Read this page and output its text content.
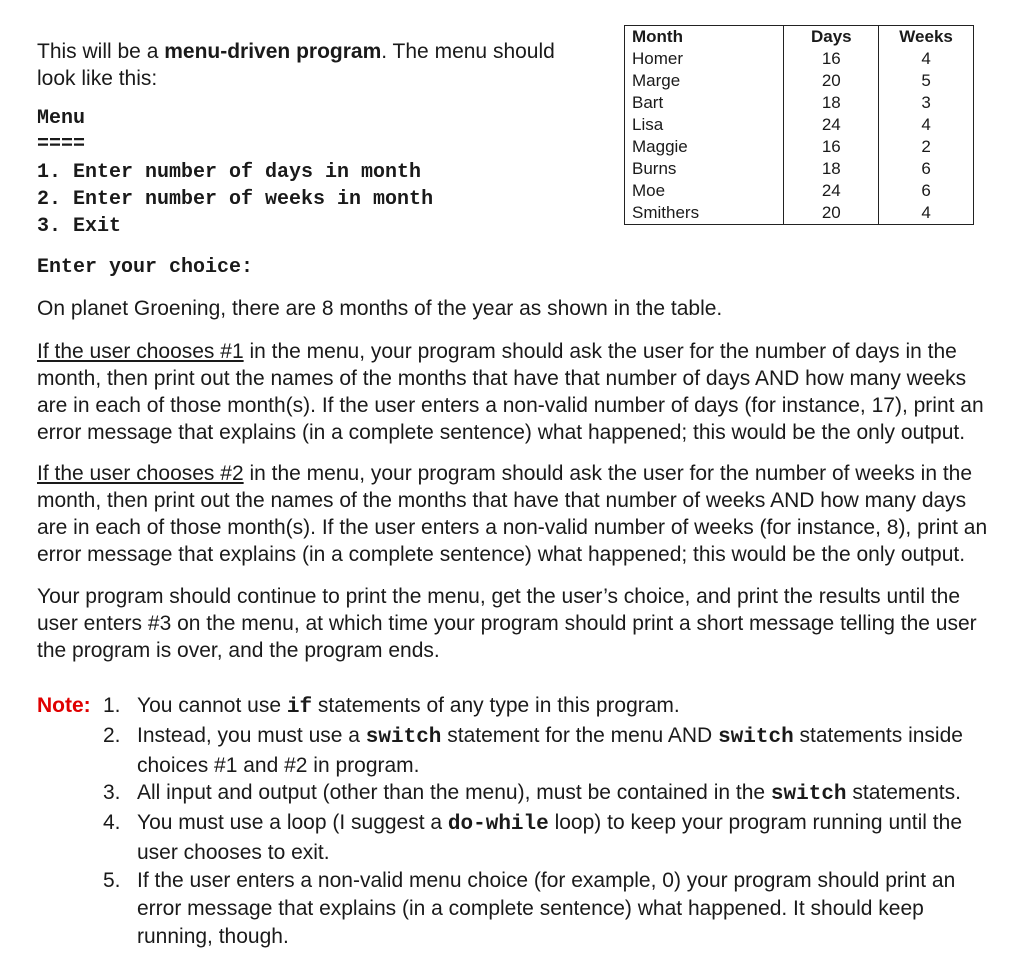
This will be a menu-driven program. The menu should look like this:
Menu
====
1. Enter number of days in month
2. Enter number of weeks in month
3. Exit
Enter your choice:
Month	Days	Weeks
Homer	16	4
Marge	20	5
Bart	18	3
Lisa	24	4
Maggie	16	2
Burns	18	6
Moe	24	6
Smithers	20	4

On planet Groening, there are 8 months of the year as shown in the table.

If the user chooses #1 in the menu, your program should ask the user for the number of days in the month, then print out the names of the months that have that number of days AND how many weeks are in each of those month(s). If the user enters a non-valid number of days (for instance, 17), print an error message that explains (in a complete sentence) what happened; this would be the only output.

If the user chooses #2 in the menu, your program should ask the user for the number of weeks in the month, then print out the names of the months that have that number of weeks AND how many days are in each of those month(s). If the user enters a non-valid number of weeks (for instance, 8), print an error message that explains (in a complete sentence) what happened; this would be the only output.

Your program should continue to print the menu, get the user’s choice, and print the results until the user enters #3 on the menu, at which time your program should print a short message telling the user the program is over, and the program ends.

Note: 1. You cannot use if statements of any type in this program.
2. Instead, you must use a switch statement for the menu AND switch statements inside choices #1 and #2 in program.
3. All input and output (other than the menu), must be contained in the switch statements.
4. You must use a loop (I suggest a do-while loop) to keep your program running until the user chooses to exit.
5. If the user enters a non-valid menu choice (for example, 0) your program should print an error message that explains (in a complete sentence) what happened. It should keep running, though.
